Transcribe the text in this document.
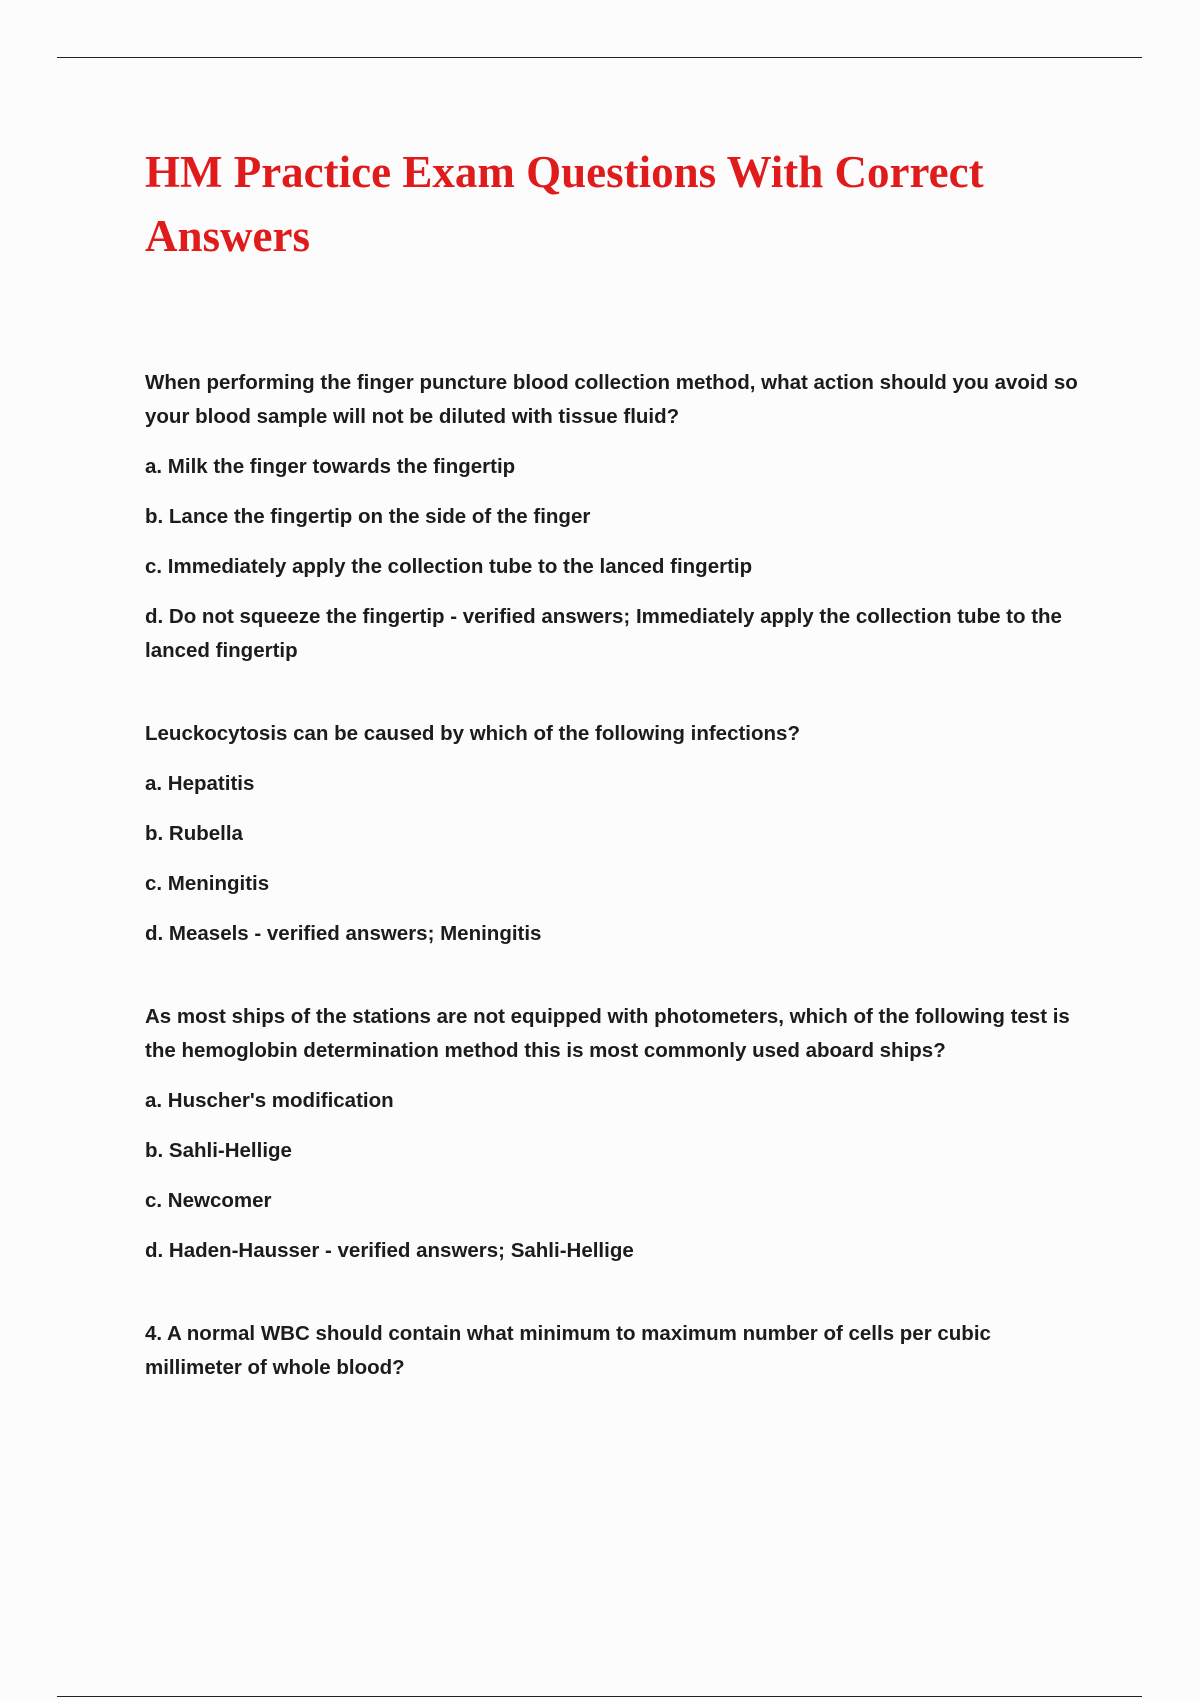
HM Practice Exam Questions With Correct Answers

When performing the finger puncture blood collection method, what action should you avoid so your blood sample will not be diluted with tissue fluid?

a. Milk the finger towards the fingertip

b. Lance the fingertip on the side of the finger

c. Immediately apply the collection tube to the lanced fingertip

d. Do not squeeze the fingertip - verified answers; Immediately apply the collection tube to the lanced fingertip

Leuckocytosis can be caused by which of the following infections?

a. Hepatitis

b. Rubella

c. Meningitis

d. Measels - verified answers; Meningitis

As most ships of the stations are not equipped with photometers, which of the following test is the hemoglobin determination method this is most commonly used aboard ships?

a. Huscher's modification

b. Sahli-Hellige

c. Newcomer

d. Haden-Hausser - verified answers; Sahli-Hellige

4. A normal WBC should contain what minimum to maximum number of cells per cubic millimeter of whole blood?
